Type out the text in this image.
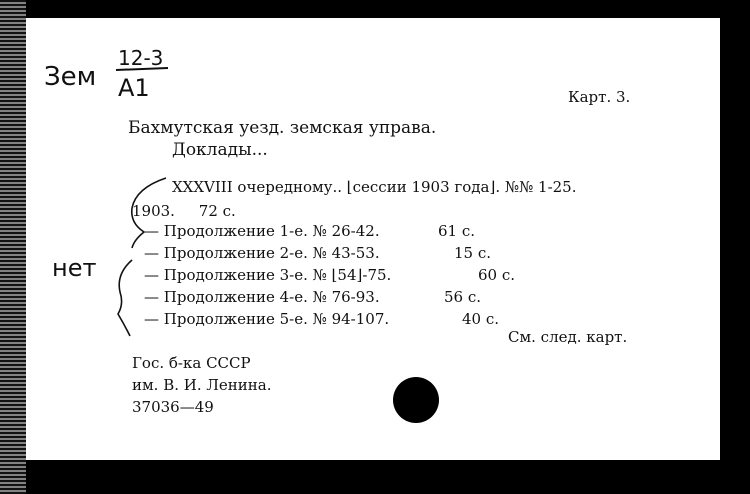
Зем
12-3
А1
нет
Карт. 3.
Бахмутская уезд. земская управа.
Доклады...
XXXVIII очередному.. ⌊сессии 1903 года⌋. №№ 1-25.
1903.     72 с.
— Продолжение 1-е. № 26-42.	61 с.
— Продолжение 2-е. № 43-53.	15 с.
— Продолжение 3-е. № ⌊54⌋-75.	60 с.
— Продолжение 4-е. № 76-93.	56 с.
— Продолжение 5-е. № 94-107.	40 с.
См. след. карт.
Гос. б-ка СССР
им. В. И. Ленина.
37036—49
